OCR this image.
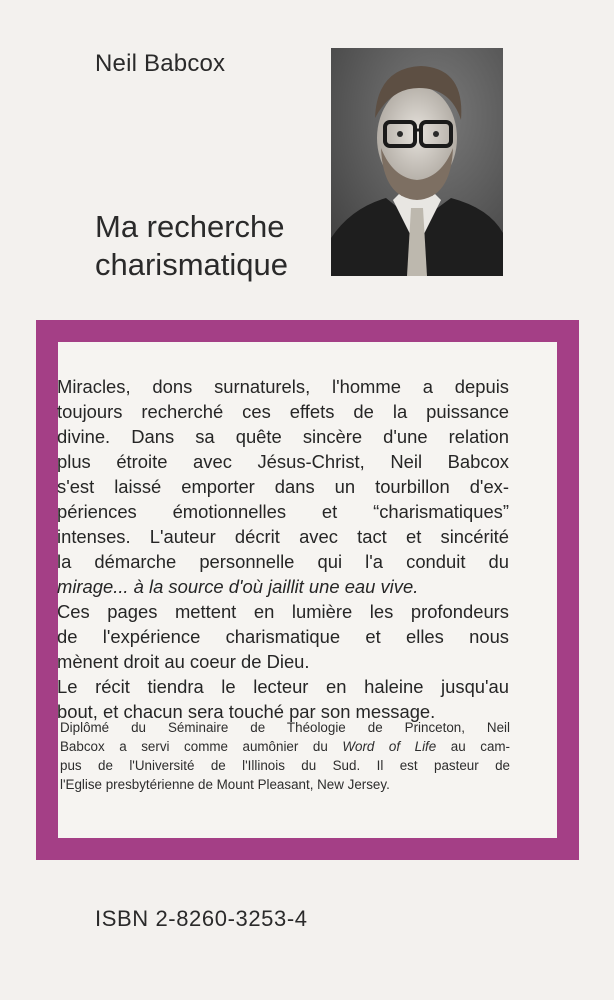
Neil Babcox
Ma recherche
charismatique
Miracles, dons surnaturels, l'homme a depuis
toujours recherché ces effets de la puissance
divine. Dans sa quête sincère d'une relation
plus étroite avec Jésus-Christ, Neil Babcox
s'est laissé emporter dans un tourbillon d'ex-
périences émotionnelles et “charismatiques”
intenses. L'auteur décrit avec tact et sincérité
la démarche personnelle qui l'a conduit du
mirage... à la source d'où jaillit une eau vive.
Ces pages mettent en lumière les profondeurs
de l'expérience charismatique et elles nous
mènent droit au coeur de Dieu.
Le récit tiendra le lecteur en haleine jusqu'au
bout, et chacun sera touché par son message.
Diplômé du Séminaire de Théologie de Princeton, Neil
Babcox a servi comme aumônier du Word of Life au cam-
pus de l'Université de l'Illinois du Sud. Il est pasteur de
l'Eglise presbytérienne de Mount Pleasant, New Jersey.
ISBN 2-8260-3253-4
